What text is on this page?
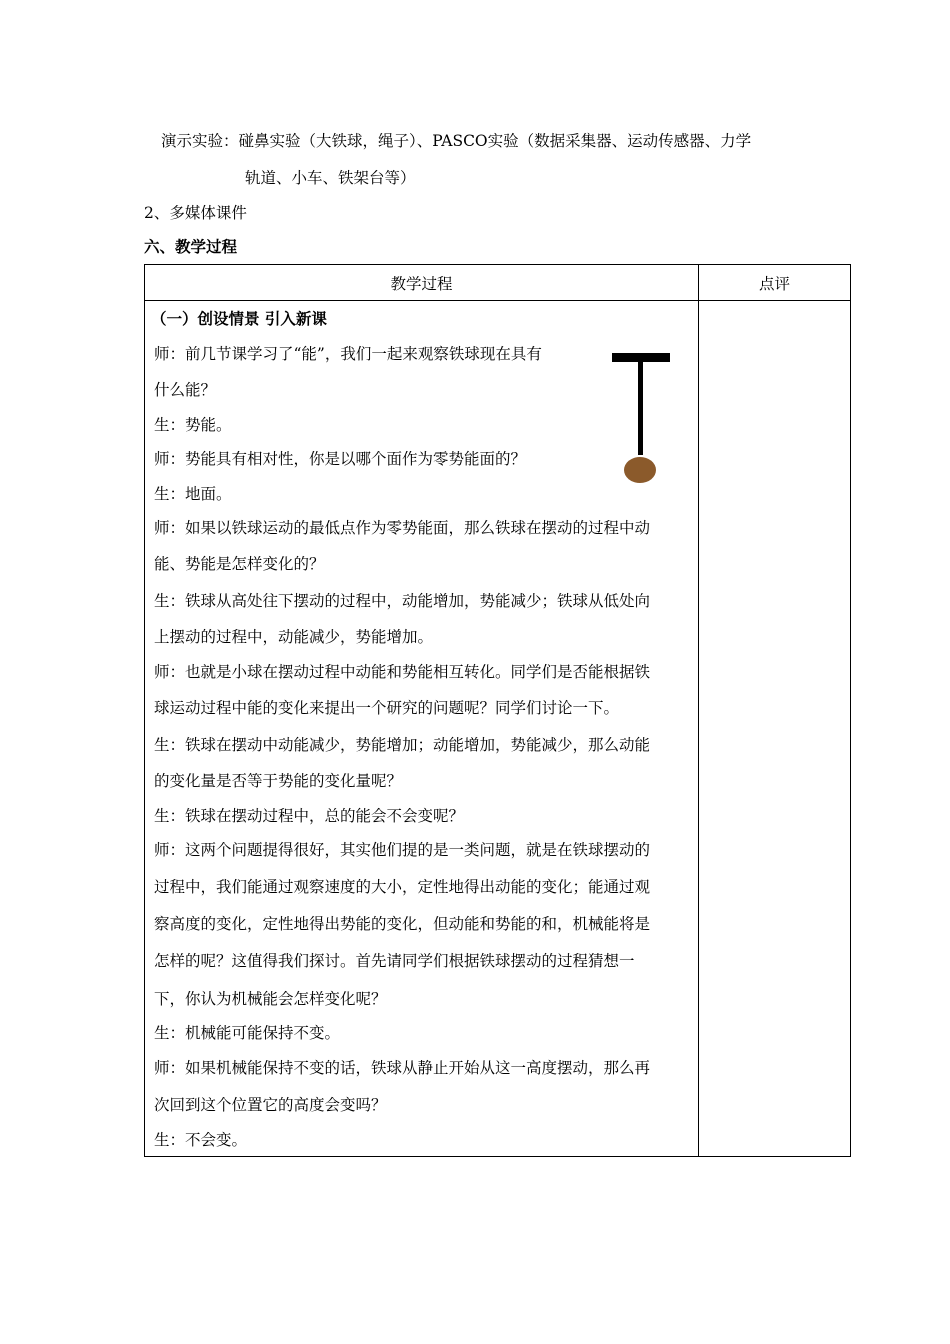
演示实验：碰鼻实验（大铁球，绳子）、PASCO实验（数据采集器、运动传感器、力学
轨道、小车、铁架台等）
2、多媒体课件
六、教学过程
教学过程	点评
（一）创设情景 引入新课
师：前几节课学习了“能”，我们一起来观察铁球现在具有
什么能？
生：势能。
师：势能具有相对性，你是以哪个面作为零势能面的？
生：地面。
师：如果以铁球运动的最低点作为零势能面，那么铁球在摆动的过程中动
能、势能是怎样变化的？
生：铁球从高处往下摆动的过程中，动能增加，势能减少；铁球从低处向
上摆动的过程中，动能减少，势能增加。
师：也就是小球在摆动过程中动能和势能相互转化。同学们是否能根据铁
球运动过程中能的变化来提出一个研究的问题呢？同学们讨论一下。
生：铁球在摆动中动能减少，势能增加；动能增加，势能减少，那么动能
的变化量是否等于势能的变化量呢？
生：铁球在摆动过程中，总的能会不会变呢？
师：这两个问题提得很好，其实他们提的是一类问题，就是在铁球摆动的
过程中，我们能通过观察速度的大小，定性地得出动能的变化；能通过观
察高度的变化，定性地得出势能的变化，但动能和势能的和，机械能将是
怎样的呢？这值得我们探讨。首先请同学们根据铁球摆动的过程猜想一
下，你认为机械能会怎样变化呢？
生：机械能可能保持不变。
师：如果机械能保持不变的话，铁球从静止开始从这一高度摆动，那么再
次回到这个位置它的高度会变吗？
生：不会变。
